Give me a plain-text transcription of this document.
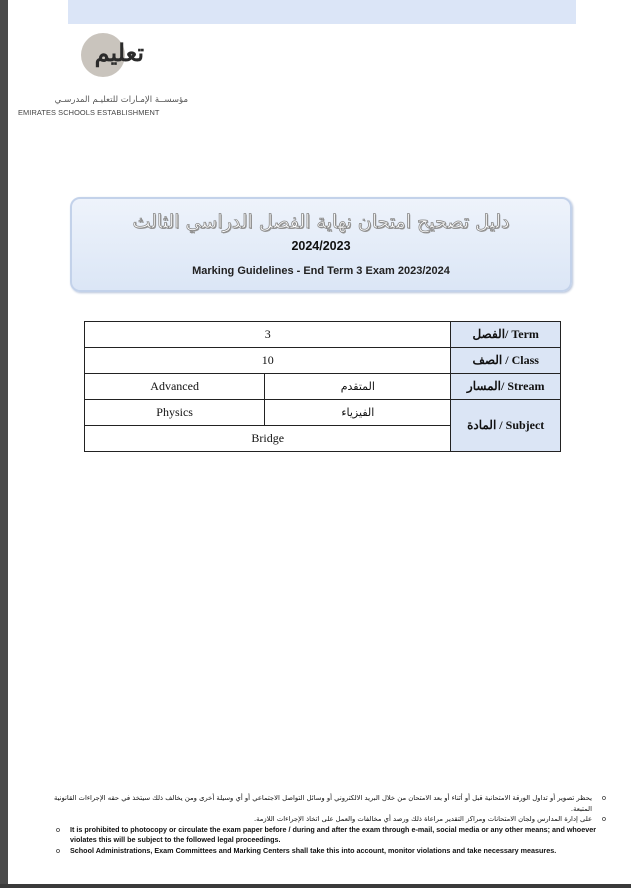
تعليم
مؤسســة الإمـارات للتعليـم المدرسـي
EMIRATES SCHOOLS ESTABLISHMENT
دليل تصحيح امتحان نهاية الفصل الدراسي الثالث
2024/2023
Marking Guidelines - End Term 3 Exam 2023/2024
3		Term /الفصل
10		Class / الصف
Advanced	المتقدم	Stream /المسار
Physics	الفيزياء	Subject / المادة
Bridge		
o
يحظر تصوير أو تداول الورقة الامتحانية قبل أو أثناء أو بعد الامتحان من خلال البريد الالكتروني أو وسائل التواصل الاجتماعي أو أي وسيلة أخرى ومن يخالف ذلك سيتخذ في حقه الإجراءات القانونية المتبعة.
o
على إدارة المدارس ولجان الامتحانات ومراكز التقدير مراعاة ذلك ورصد أي مخالفات والعمل على اتخاذ الإجراءات اللازمة.
o It is prohibited to photocopy or circulate the exam paper before / during and after the exam through e-mail, social media or any other means; and whoever violates this will be subject to the followed legal proceedings.
o School Administrations, Exam Committees and Marking Centers shall take this into account, monitor violations and take necessary measures.
